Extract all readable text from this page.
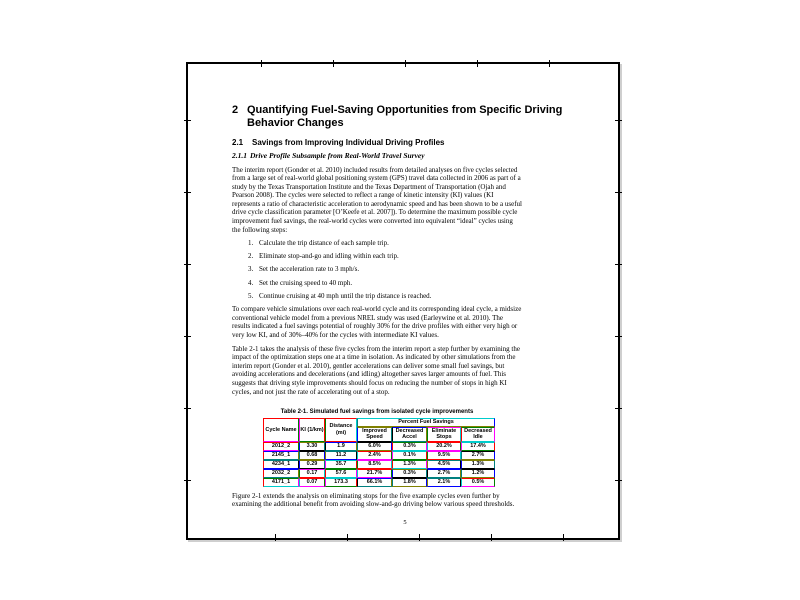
2 Quantifying Fuel-Saving Opportunities from Specific Driving Behavior Changes
2.1	Savings from Improving Individual Driving Profiles
2.1.1 Drive Profile Subsample from Real-World Travel Survey

The interim report (Gonder et al. 2010) included results from detailed analyses on five cycles selected from a large set of real-world global positioning system (GPS) travel data collected in 2006 as part of a study by the Texas Transportation Institute and the Texas Department of Transportation (Ojah and Pearson 2008). The cycles were selected to reflect a range of kinetic intensity (KI) values (KI represents a ratio of characteristic acceleration to aerodynamic speed and has been shown to be a useful drive cycle classification parameter [O’Keefe et al. 2007]). To determine the maximum possible cycle improvement fuel savings, the real-world cycles were converted into equivalent “ideal” cycles using the following steps:

1. Calculate the trip distance of each sample trip.
2. Eliminate stop-and-go and idling within each trip.
3. Set the acceleration rate to 3 mph/s.
4. Set the cruising speed to 40 mph.
5. Continue cruising at 40 mph until the trip distance is reached.

To compare vehicle simulations over each real-world cycle and its corresponding ideal cycle, a midsize conventional vehicle model from a previous NREL study was used (Earleywine et al. 2010). The results indicated a fuel savings potential of roughly 30% for the drive profiles with either very high or very low KI, and of 30%–40% for the cycles with intermediate KI values.

Table 2-1 takes the analysis of these five cycles from the interim report a step further by examining the impact of the optimization steps one at a time in isolation. As indicated by other simulations from the interim report (Gonder et al. 2010), gentler accelerations can deliver some small fuel savings, but avoiding accelerations and decelerations (and idling) altogether saves larger amounts of fuel. This suggests that driving style improvements should focus on reducing the number of stops in high KI cycles, and not just the rate of accelerating out of a stop.

Table 2-1. Simulated fuel savings from isolated cycle improvements
Cycle Name	KI (1/km)	Distance (mi)	Percent Fuel Savings			
			Improved Speed	Decreased Accel	Eliminate Stops	Decreased Idle
2012_2	3.30	1.9	6.0%	0.3%	20.2%	17.4%
2145_1	0.68	11.2	2.4%	0.1%	9.5%	2.7%
4234_1	0.29	35.7	8.5%	1.3%	4.5%	1.3%
2032_2	0.17	57.6	21.7%	0.3%	2.7%	1.2%
4171_1	0.07	173.3	66.1%	1.8%	2.1%	0.5%

Figure 2-1 extends the analysis on eliminating stops for the five example cycles even further by examining the additional benefit from avoiding slow-and-go driving below various speed thresholds.

5
